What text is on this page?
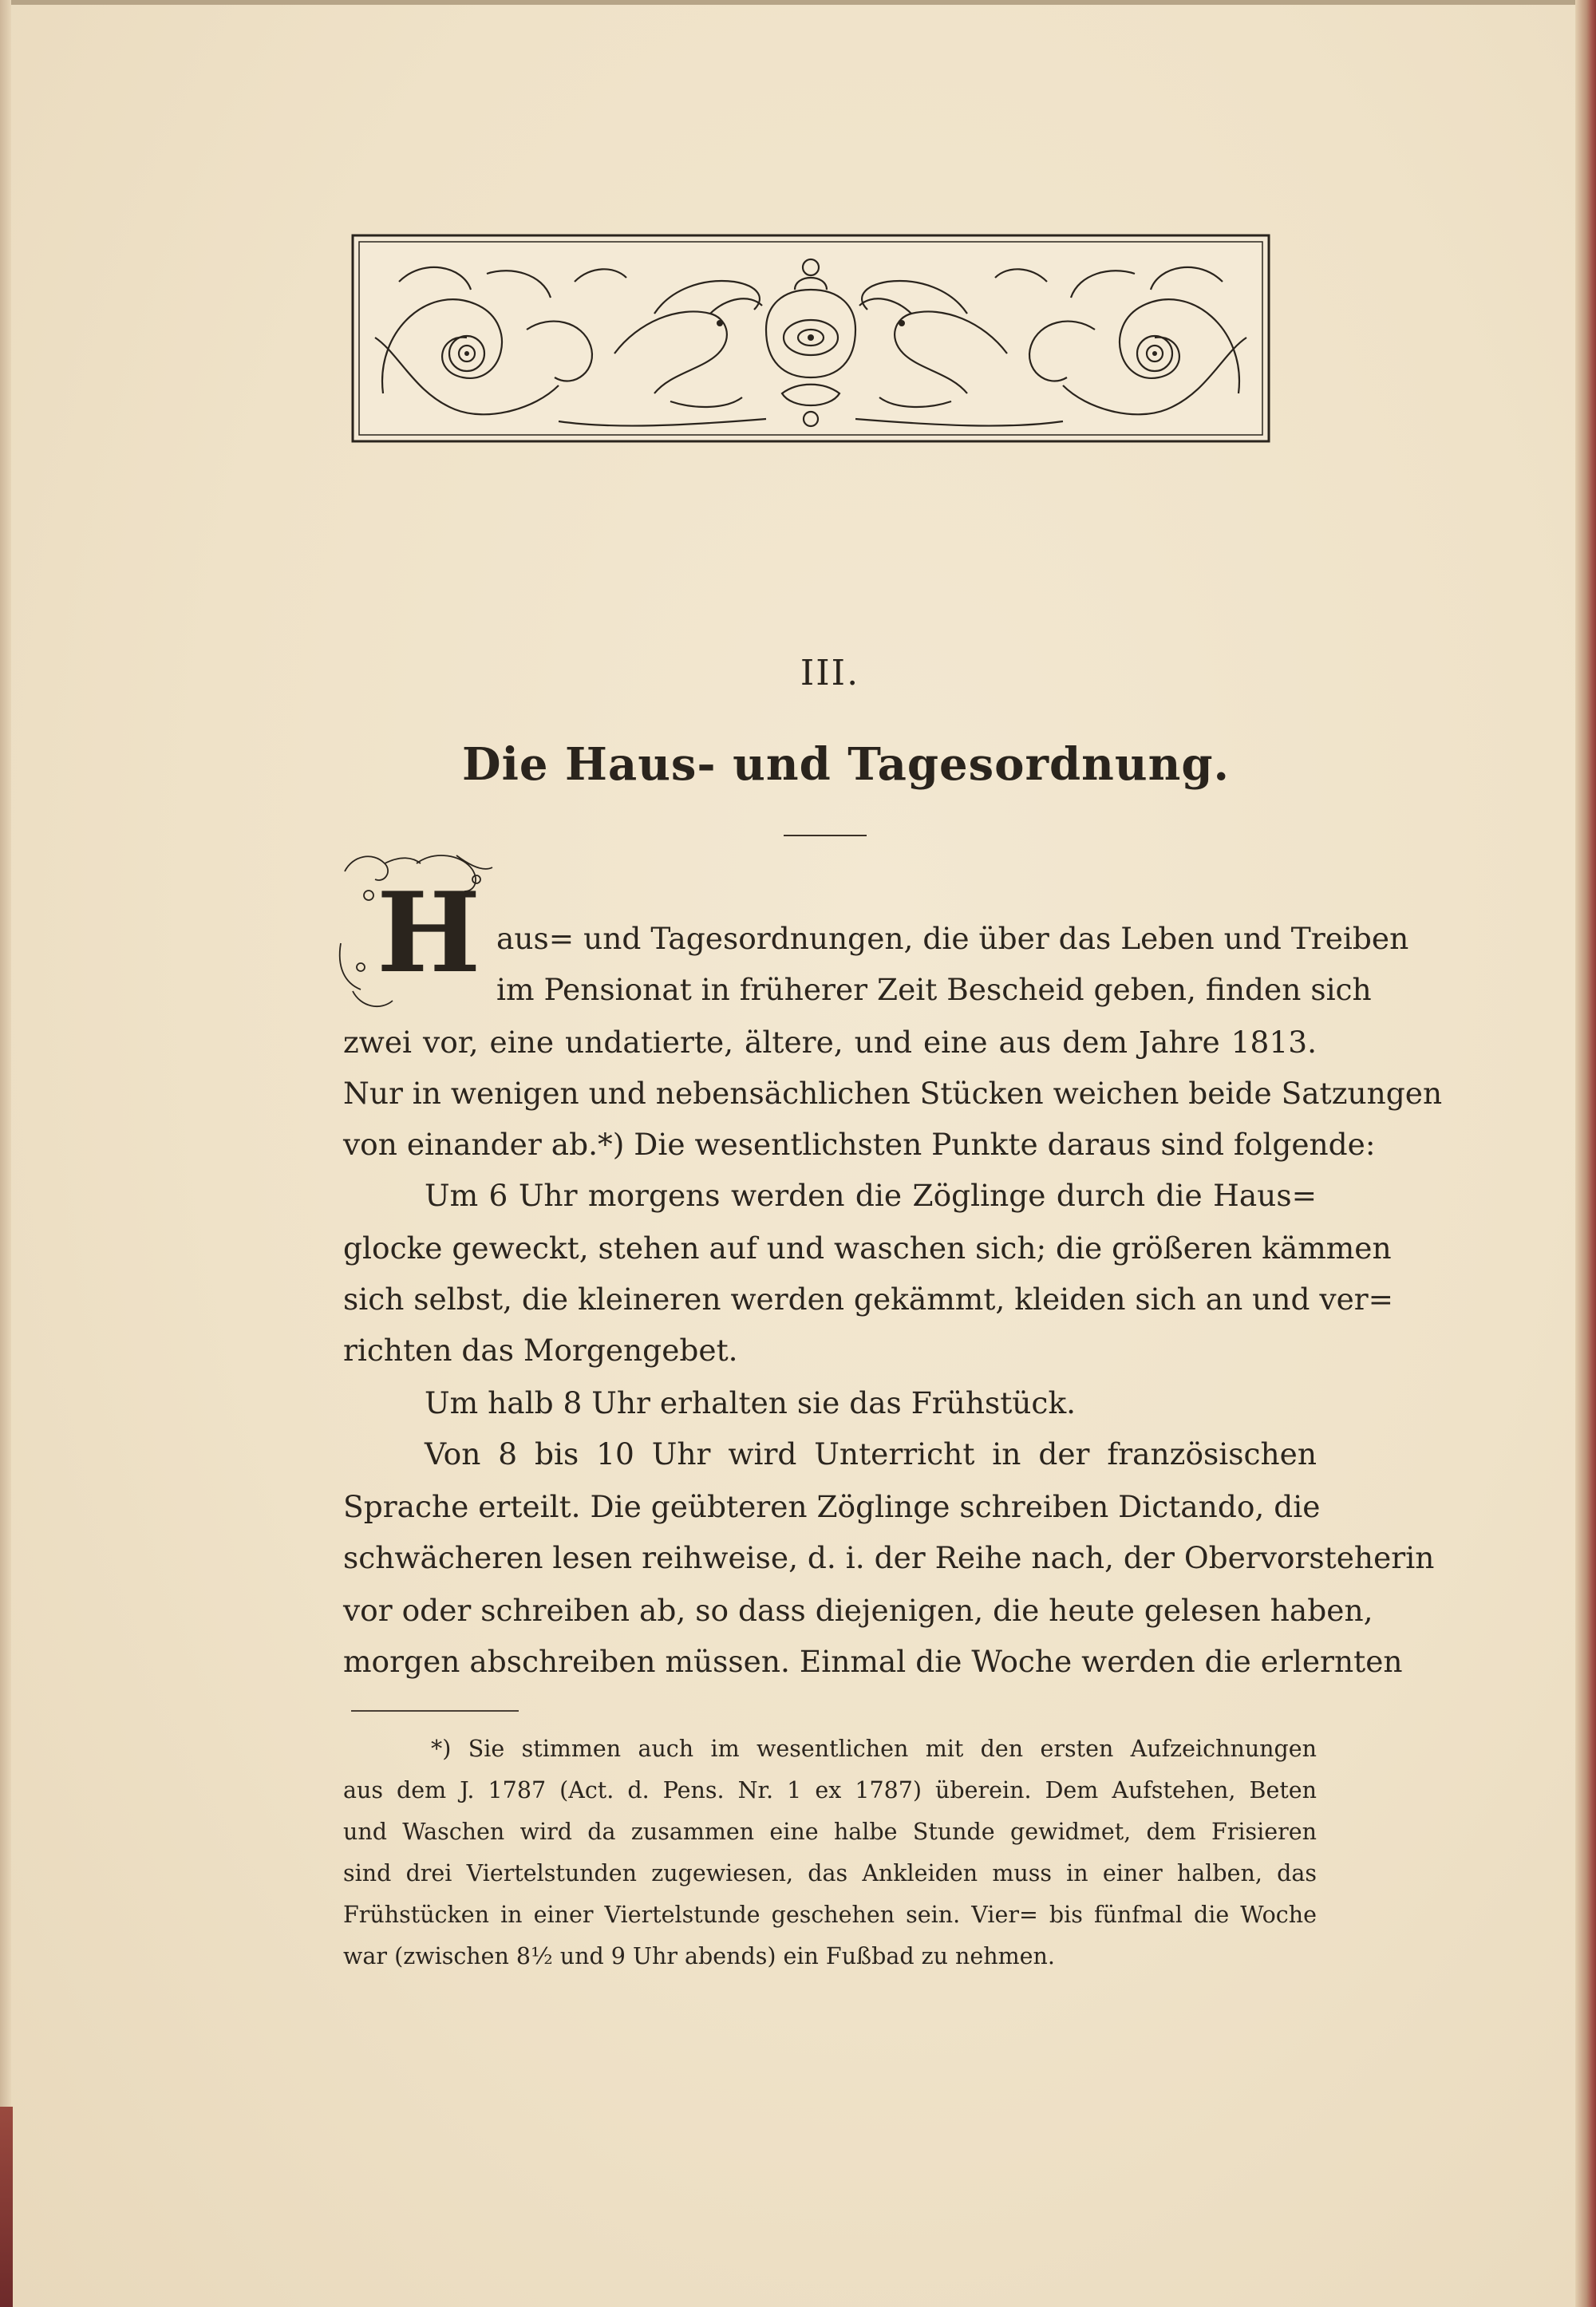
III.
Die Haus- und Tagesordnung.
H aus= und Tagesordnungen, die über das Leben und Treiben
im Pensionat in früherer Zeit Bescheid geben, finden sich
zwei vor, eine undatierte, ältere, und eine aus dem Jahre 1813.
Nur in wenigen und nebensächlichen Stücken weichen beide Satzungen
von einander ab.*) Die wesentlichsten Punkte daraus sind folgende:
Um 6 Uhr morgens werden die Zöglinge durch die Haus=
glocke geweckt, stehen auf und waschen sich; die größeren kämmen
sich selbst, die kleineren werden gekämmt, kleiden sich an und ver=
richten das Morgengebet.
Um halb 8 Uhr erhalten sie das Frühstück.
Von 8 bis 10 Uhr wird Unterricht in der französischen
Sprache erteilt. Die geübteren Zöglinge schreiben Dictando, die
schwächeren lesen reihweise, d. i. der Reihe nach, der Obervorsteherin
vor oder schreiben ab, so dass diejenigen, die heute gelesen haben,
morgen abschreiben müssen. Einmal die Woche werden die erlernten
*) Sie stimmen auch im wesentlichen mit den ersten Aufzeichnungen
aus dem J. 1787 (Act. d. Pens. Nr. 1 ex 1787) überein. Dem Aufstehen, Beten
und Waschen wird da zusammen eine halbe Stunde gewidmet, dem Frisieren
sind drei Viertelstunden zugewiesen, das Ankleiden muss in einer halben, das
Frühstücken in einer Viertelstunde geschehen sein. Vier= bis fünfmal die Woche
war (zwischen 8½ und 9 Uhr abends) ein Fußbad zu nehmen.
